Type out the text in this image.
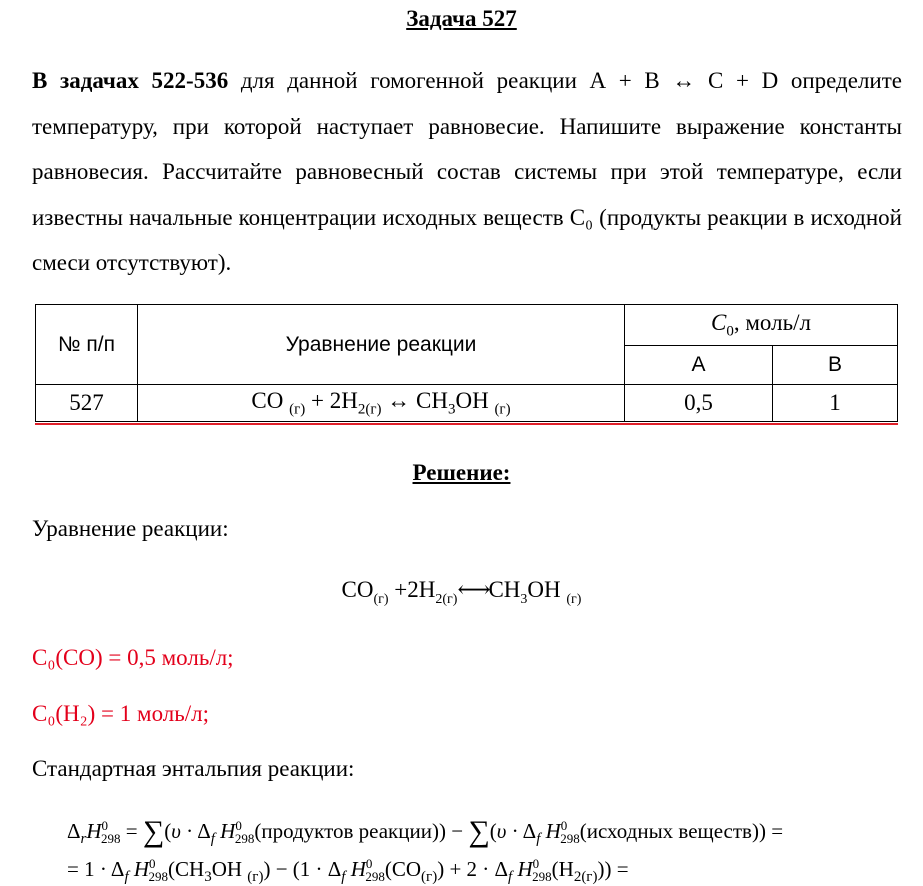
Задача 527
В задачах 522-536 для данной гомогенной реакции А + В ↔ С + D определите температуру, при которой наступает равновесие. Напишите выражение константы равновесия. Рассчитайте равновесный состав системы при этой температуре, если известны начальные концентрации исходных веществ С₀ (продукты реакции в исходной смеси отсутствуют).
№ п/п	Уравнение реакции	$C_0$, моль/л	
		А	В
527	CO $_{(г)} + 2H_{2(г)}$ ↔ $CH_3OH$ $_{(г)}$	0,5	1
Решение:
Уравнение реакции:
$CO_{(г)}$ $+2H_{2(г)}⟷CH_3OH$ $_{(г)}$
С₀(СО) = 0,5 моль/л;
С₀(Н₂) = 1 моль/л;
Стандартная энтальпия реакции:
$\Delta_rH^0_{298} = \sum(\upsilon \cdot \Delta_f$ $H^0_{298}(продуктов$ реакции)) − $\sum(\upsilon \cdot \Delta_f$ $H^0_{298}(исходных$ веществ)) =
= $1 \cdot \Delta_f$ $H^0_{298}(CH_3OH$ $_{(г)}) - (1 \cdot \Delta_f$ $H^0_{298}(CO_{(г)}) + 2 \cdot \Delta_f$ $H^0_{298}(H_{2(г)})$) =
